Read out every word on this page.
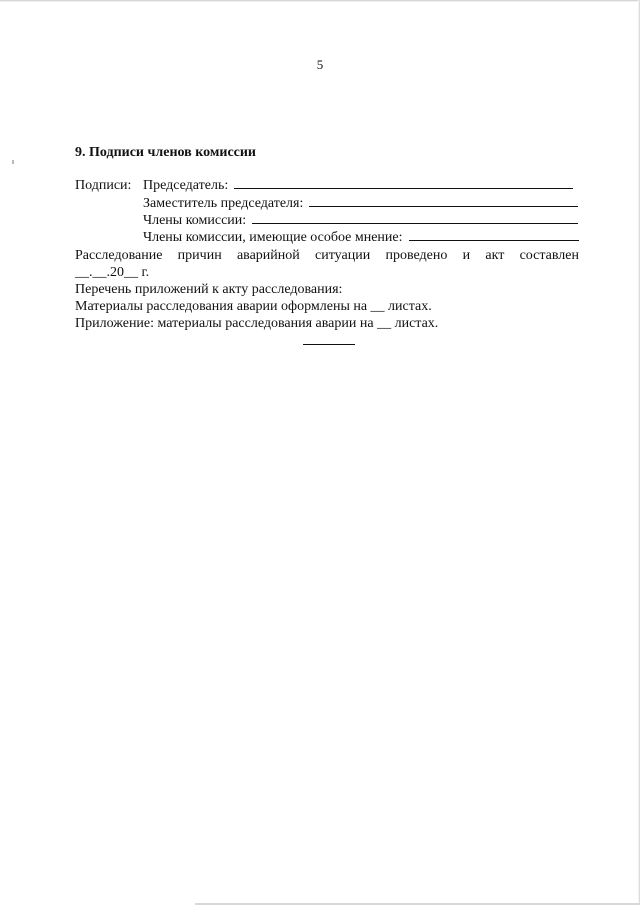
5
9. Подписи членов комиссии
Подписи: Председатель:
Заместитель председателя:
Члены комиссии:
Члены комиссии, имеющие особое мнение:
Расследование причин аварийной ситуации проведено и акт составлен
__.__.20__ г.
Перечень приложений к акту расследования:
Материалы расследования аварии оформлены на __ листах.
Приложение: материалы расследования аварии на __ листах.
